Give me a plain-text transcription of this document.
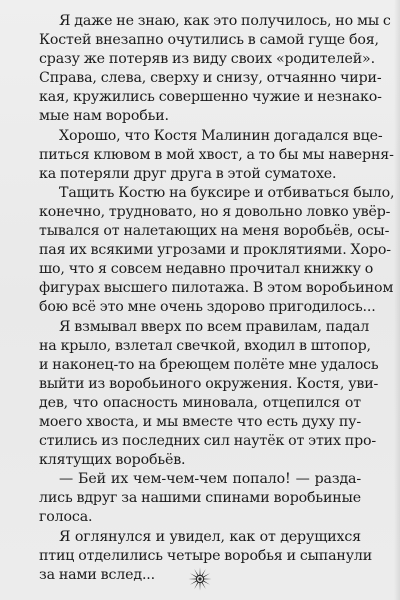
Я даже не знаю, как это получилось, но мы с
Костей внезапно очутились в самой гуще боя,
сразу же потеряв из виду своих «родителей».
Справа, слева, сверху и снизу, отчаянно чири-
кая, кружились совершенно чужие и незнако-
мые нам воробьи.

Хорошо, что Костя Малинин догадался вце-
питься клювом в мой хвост, а то бы мы наверня-
ка потеряли друг друга в этой суматохе.

Тащить Костю на буксире и отбиваться было,
конечно, трудновато, но я довольно ловко увёр-
тывался от налетающих на меня воробьёв, осы-
пая их всякими угрозами и проклятиями. Хоро-
шо, что я совсем недавно прочитал книжку о
фигурах высшего пилотажа. В этом воробьином
бою всё это мне очень здорово пригодилось...

Я взмывал вверх по всем правилам, падал
на крыло, взлетал свечкой, входил в штопор,
и наконец-то на бреющем полёте мне удалось
выйти из воробьиного окружения. Костя, уви-
дев, что опасность миновала, отцепился от
моего хвоста, и мы вместе что есть духу пу-
стились из последних сил наутёк от этих про-
клятущих воробьёв.

— Бей их чем-чем-чем попало! — разда-
лись вдруг за нашими спинами воробьиные
голоса.

Я оглянулся и увидел, как от дерущихся
птиц отделились четыре воробья и сыпанули
за нами вслед...
